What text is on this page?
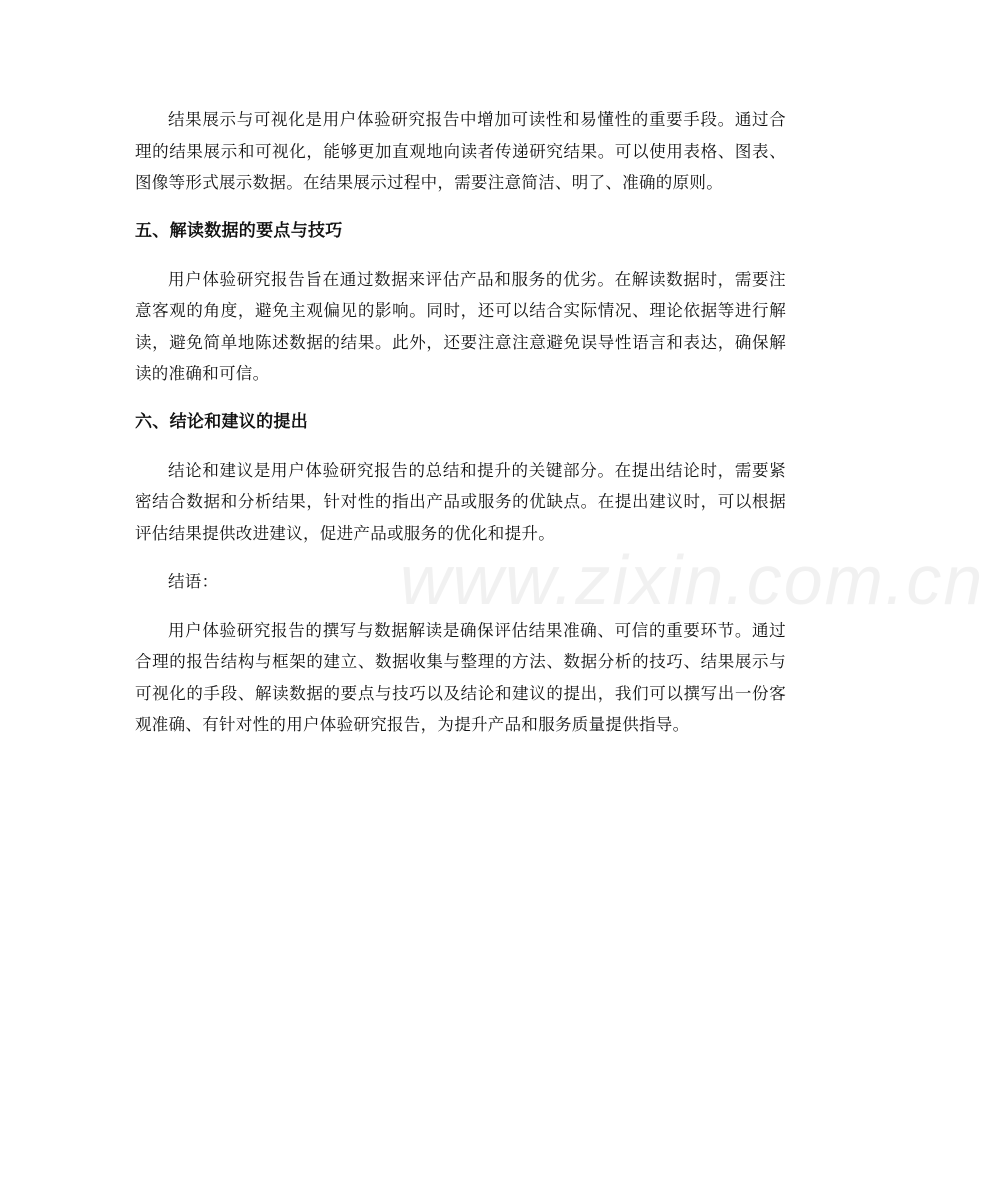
结果展示与可视化是用户体验研究报告中增加可读性和易懂性的重要手段。通过合理的结果展示和可视化，能够更加直观地向读者传递研究结果。可以使用表格、图表、图像等形式展示数据。在结果展示过程中，需要注意简洁、明了、准确的原则。

五、解读数据的要点与技巧

用户体验研究报告旨在通过数据来评估产品和服务的优劣。在解读数据时，需要注意客观的角度，避免主观偏见的影响。同时，还可以结合实际情况、理论依据等进行解读，避免简单地陈述数据的结果。此外，还要注意注意避免误导性语言和表达，确保解读的准确和可信。

六、结论和建议的提出

结论和建议是用户体验研究报告的总结和提升的关键部分。在提出结论时，需要紧密结合数据和分析结果，针对性的指出产品或服务的优缺点。在提出建议时，可以根据评估结果提供改进建议，促进产品或服务的优化和提升。

结语：

用户体验研究报告的撰写与数据解读是确保评估结果准确、可信的重要环节。通过合理的报告结构与框架的建立、数据收集与整理的方法、数据分析的技巧、结果展示与可视化的手段、解读数据的要点与技巧以及结论和建议的提出，我们可以撰写出一份客观准确、有针对性的用户体验研究报告，为提升产品和服务质量提供指导。

www.zixin.com.cn
